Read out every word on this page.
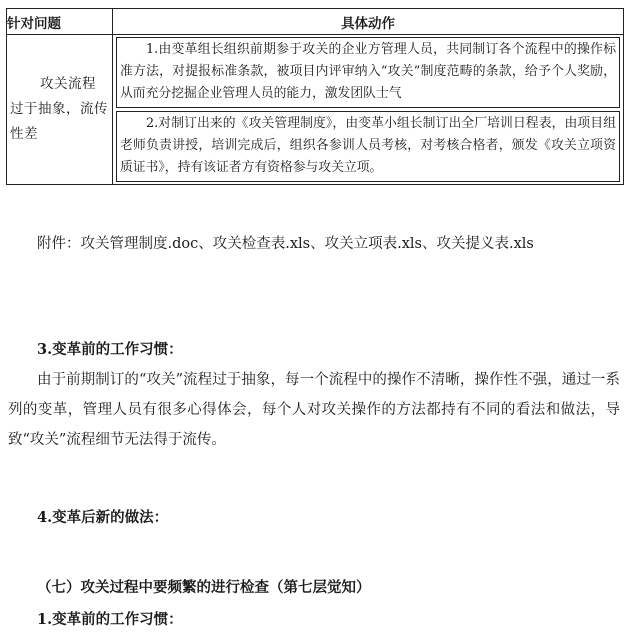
针对问题	具体动作
攻关流程过于抽象，流传性差	1.由变革组长组织前期参于攻关的企业方管理人员，共同制订各个流程中的操作标准方法，对提报标准条款，被项目内评审纳入“攻关”制度范畴的条款，给予个人奖励，从而充分挖掘企业管理人员的能力，激发团队士气
2.对制订出来的《攻关管理制度》，由变革小组长制订出全厂培训日程表，由项目组老师负责讲授，培训完成后，组织各参训人员考核，对考核合格者，颁发《攻关立项资质证书》，持有该证者方有资格参与攻关立项。

附件：攻关管理制度.doc、攻关检查表.xls、攻关立项表.xls、攻关提义表.xls

3.变革前的工作习惯：

由于前期制订的“攻关”流程过于抽象，每一个流程中的操作不清晰，操作性不强，通过一系列的变革，管理人员有很多心得体会，每个人对攻关操作的方法都持有不同的看法和做法，导致“攻关”流程细节无法得于流传。

4.变革后新的做法：

（七）攻关过程中要频繁的进行检查（第七层觉知）

1.变革前的工作习惯：
